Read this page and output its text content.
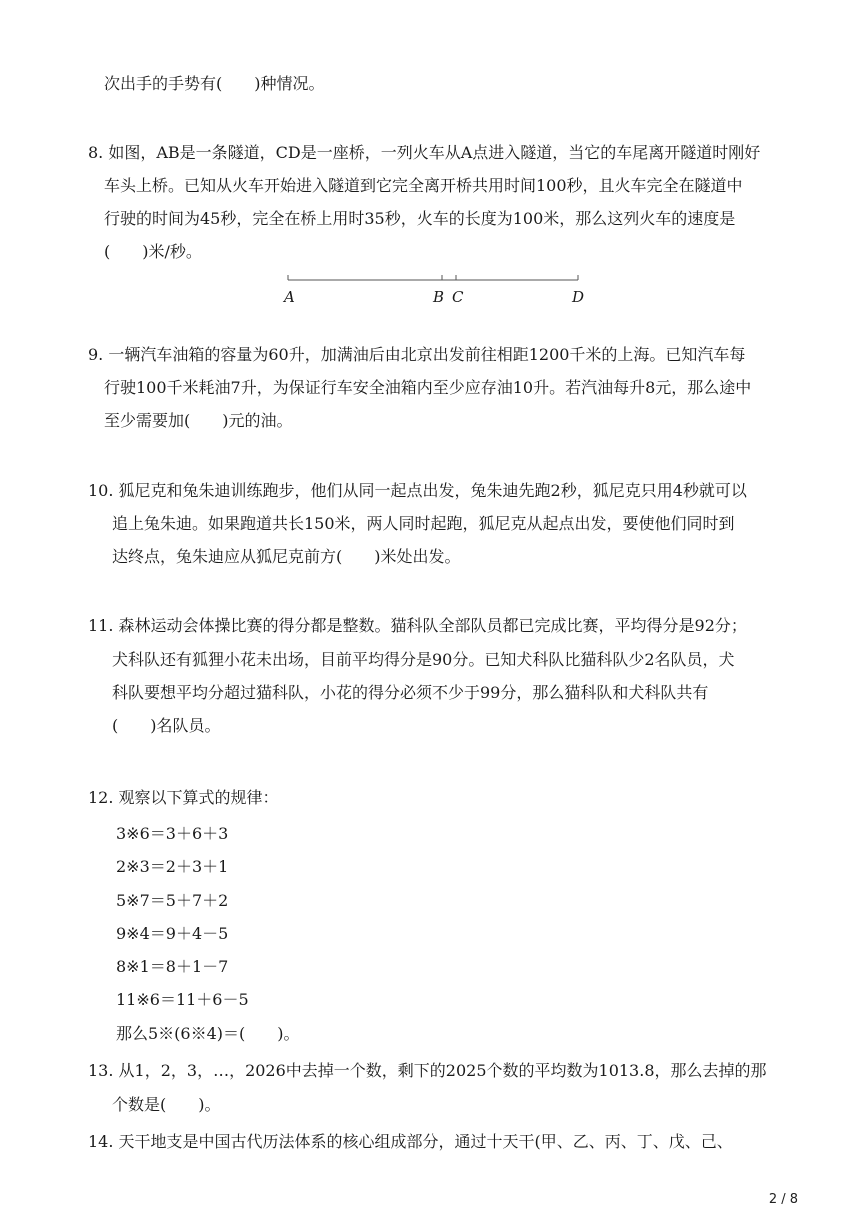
次出手的手势有(　　)种情况。
8. 如图，AB是一条隧道，CD是一座桥，一列火车从A点进入隧道，当它的车尾离开隧道时刚好
车头上桥。已知从火车开始进入隧道到它完全离开桥共用时间100秒，且火车完全在隧道中
行驶的时间为45秒，完全在桥上用时35秒，火车的长度为100米，那么这列火车的速度是
(　　)米/秒。
A	B C	D
9. 一辆汽车油箱的容量为60升，加满油后由北京出发前往相距1200千米的上海。已知汽车每
行驶100千米耗油7升，为保证行车安全油箱内至少应存油10升。若汽油每升8元，那么途中
至少需要加(　　)元的油。
10. 狐尼克和兔朱迪训练跑步，他们从同一起点出发，兔朱迪先跑2秒，狐尼克只用4秒就可以
追上兔朱迪。如果跑道共长150米，两人同时起跑，狐尼克从起点出发，要使他们同时到
达终点，兔朱迪应从狐尼克前方(　　)米处出发。
11. 森林运动会体操比赛的得分都是整数。猫科队全部队员都已完成比赛，平均得分是92分；
犬科队还有狐狸小花未出场，目前平均得分是90分。已知犬科队比猫科队少2名队员，犬
科队要想平均分超过猫科队，小花的得分必须不少于99分，那么猫科队和犬科队共有
(　　)名队员。
12. 观察以下算式的规律：
3※6＝3＋6＋3
2※3＝2＋3＋1
5※7＝5＋7＋2
9※4＝9＋4－5
8※1＝8＋1－7
11※6＝11＋6－5
那么5※(6※4)＝(　　)。
13. 从1，2，3，…，2026中去掉一个数，剩下的2025个数的平均数为1013.8，那么去掉的那
个数是(　　)。
14. 天干地支是中国古代历法体系的核心组成部分，通过十天干(甲、乙、丙、丁、戊、己、
2 / 8
